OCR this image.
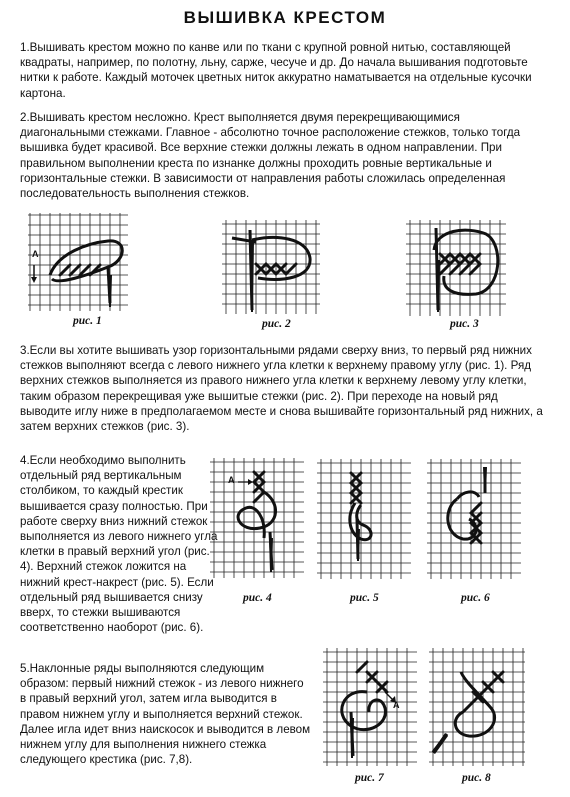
ВЫШИВКА КРЕСТОМ

1.Вышивать крестом можно по канве или по ткани с крупной ровной нитью, составляющей квадраты, например, по полотну, льну, сарже, чесуче и др. До начала вышивания подготовьте нитки к работе. Каждый моточек цветных ниток аккуратно наматывается на отдельные кусочки картона.

2.Вышивать крестом несложно. Крест выполняется двумя перекрещивающимися диагональными стежками. Главное - абсолютно точное расположение стежков, только тогда вышивка будет красивой. Все верхние стежки должны лежать в одном направлении. При правильном выполнении креста по изнанке должны проходить ровные вертикальные и горизонтальные стежки. В зависимости от направления работы сложилась определенная последовательность выполнения стежков.

A
рис. 1	рис. 2	рис. 3

3.Если вы хотите вышивать узор горизонтальными рядами сверху вниз, то первый ряд нижних стежков выполняют всегда с левого нижнего угла клетки к верхнему правому углу (рис. 1). Ряд верхних стежков выполняется из правого нижнего угла клетки к верхнему левому углу клетки, таким образом перекрещивая уже вышитые стежки (рис. 2). При переходе на новый ряд выводите иглу ниже в предполагаемом месте и снова вышивайте горизонтальный ряд нижних, а затем верхних стежков (рис. 3).

4.Если необходимо выполнить отдельный ряд вертикальным столбиком, то каждый крестик вышивается сразу полностью. При работе сверху вниз нижний стежок выполняется из левого нижнего угла клетки в правый верхний угол (рис. 4). Верхний стежок ложится на нижний крест-накрест (рис. 5). Если отдельный ряд вышивается снизу вверх, то стежки вышиваются соответственно наоборот (рис. 6).

A
рис. 4	рис. 5	рис. 6

5.Наклонные ряды выполняются следующим образом: первый нижний стежок - из левого нижнего в правый верхний угол, затем игла выводится в правом нижнем углу и выполняется верхний стежок. Далее игла идет вниз наискосок и выводится в левом нижнем углу для выполнения нижнего стежка следующего крестика (рис. 7,8).

A
рис. 7	рис. 8
